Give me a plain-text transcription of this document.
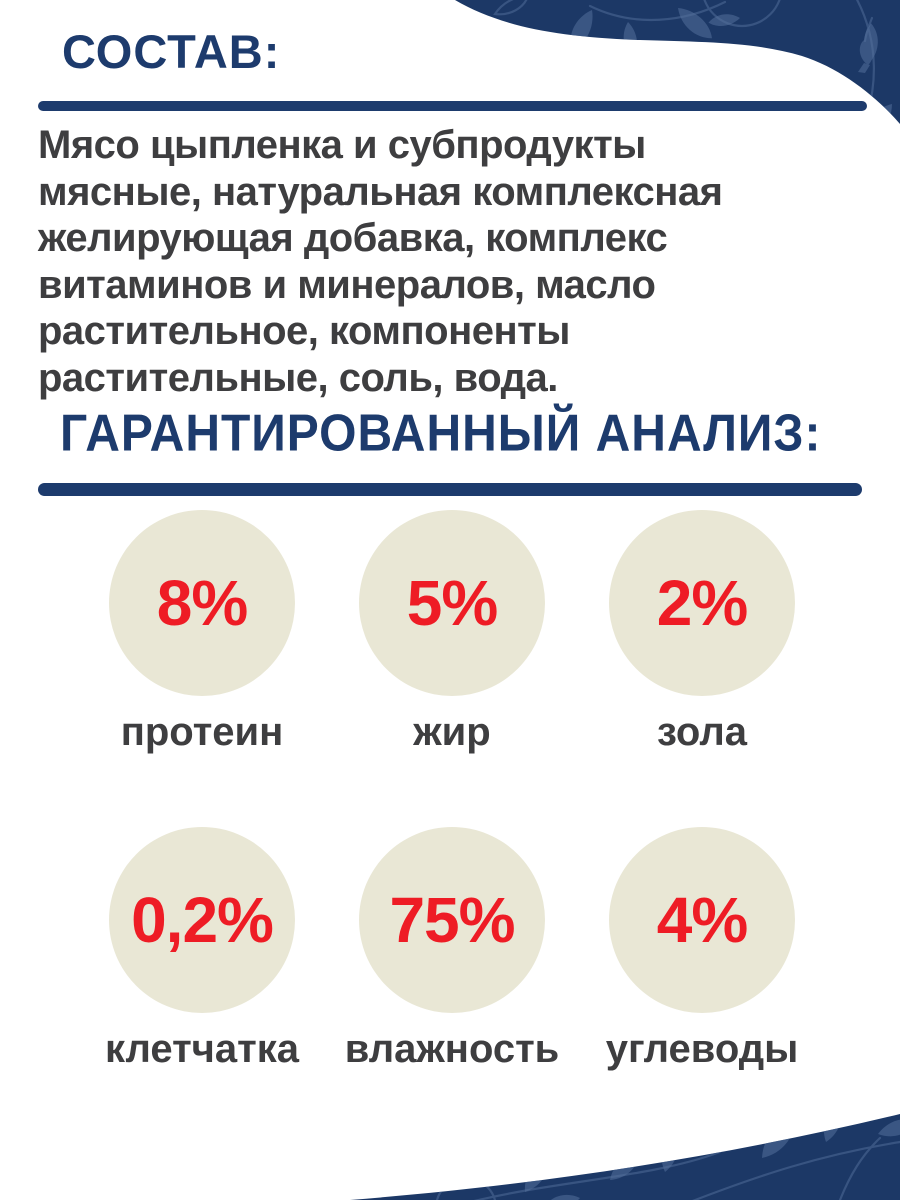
СОСТАВ:
Мясо цыпленка и субпродукты
мясные, натуральная комплексная
желирующая добавка, комплекс
витаминов и минералов, масло
растительное, компоненты
растительные, соль, вода.
ГАРАНТИРОВАННЫЙ АНАЛИЗ:
8%
протеин
5%
жир
2%
зола
0,2%
клетчатка
75%
влажность
4%
углеводы
